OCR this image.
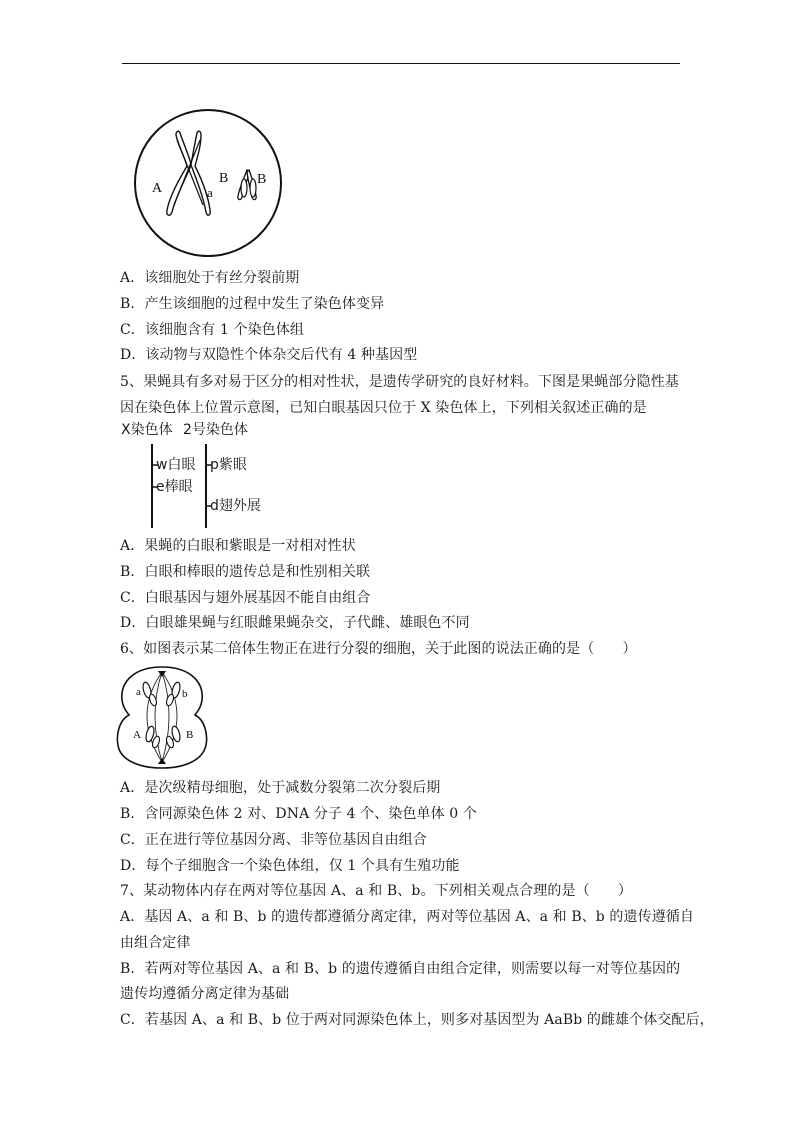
A	a
B B
A．该细胞处于有丝分裂前期
B．产生该细胞的过程中发生了染色体变异
C．该细胞含有 1 个染色体组
D．该动物与双隐性个体杂交后代有 4 种基因型
5、果蝇具有多对易于区分的相对性状，是遗传学研究的良好材料。下图是果蝇部分隐性基
因在染色体上位置示意图，已知白眼基因只位于 X 染色体上，下列相关叙述正确的是
X染色体 2号染色体
w白眼
e棒眼
p紫眼
d翅外展
A．果蝇的白眼和紫眼是一对相对性状
B．白眼和棒眼的遗传总是和性别相关联
C．白眼基因与翅外展基因不能自由组合
D．白眼雄果蝇与红眼雌果蝇杂交，子代雌、雄眼色不同
6、如图表示某二倍体生物正在进行分裂的细胞，关于此图的说法正确的是（　　）
a	b
A	B
A．是次级精母细胞，处于减数分裂第二次分裂后期
B．含同源染色体 2 对、DNA 分子 4 个、染色单体 0 个
C．正在进行等位基因分离、非等位基因自由组合
D．每个子细胞含一个染色体组，仅 1 个具有生殖功能
7、某动物体内存在两对等位基因 A、a 和 B、b。下列相关观点合理的是（　　）
A．基因 A、a 和 B、b 的遗传都遵循分离定律，两对等位基因 A、a 和 B、b 的遗传遵循自
由组合定律
B．若两对等位基因 A、a 和 B、b 的遗传遵循自由组合定律，则需要以每一对等位基因的
遗传均遵循分离定律为基础
C．若基因 A、a 和 B、b 位于两对同源染色体上，则多对基因型为 AaBb 的雌雄个体交配后，
